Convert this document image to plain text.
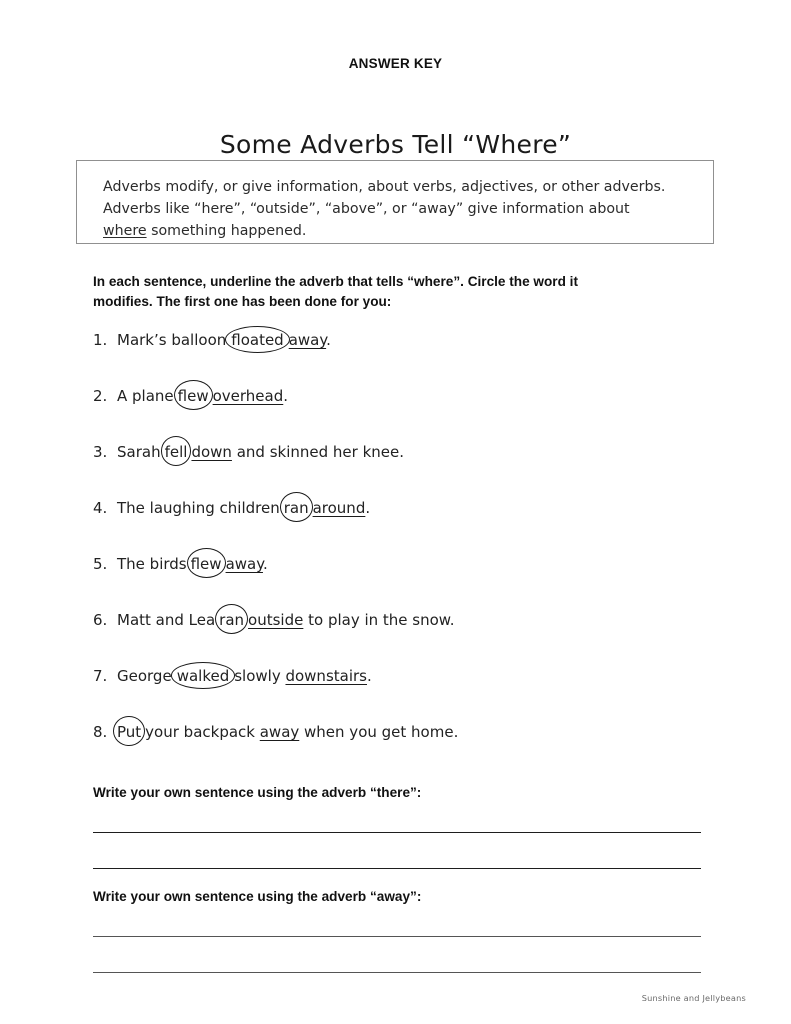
ANSWER KEY
Some Adverbs Tell “Where”
Adverbs modify, or give information, about verbs, adjectives, or other adverbs.
Adverbs like “here”, “outside”, “above”, or “away” give information about
where something happened.
In each sentence, underline the adverb that tells “where”. Circle the word it
modifies. The first one has been done for you:
1. Mark’s balloon floated away.
2. A plane flew overhead.
3. Sarah fell down and skinned her knee.
4. The laughing children ran around.
5. The birds flew away.
6. Matt and Lea ran outside to play in the snow.
7. George walked slowly downstairs.
8. Put your backpack away when you get home.
Write your own sentence using the adverb “there”:
Write your own sentence using the adverb “away”:
Sunshine and Jellybeans
